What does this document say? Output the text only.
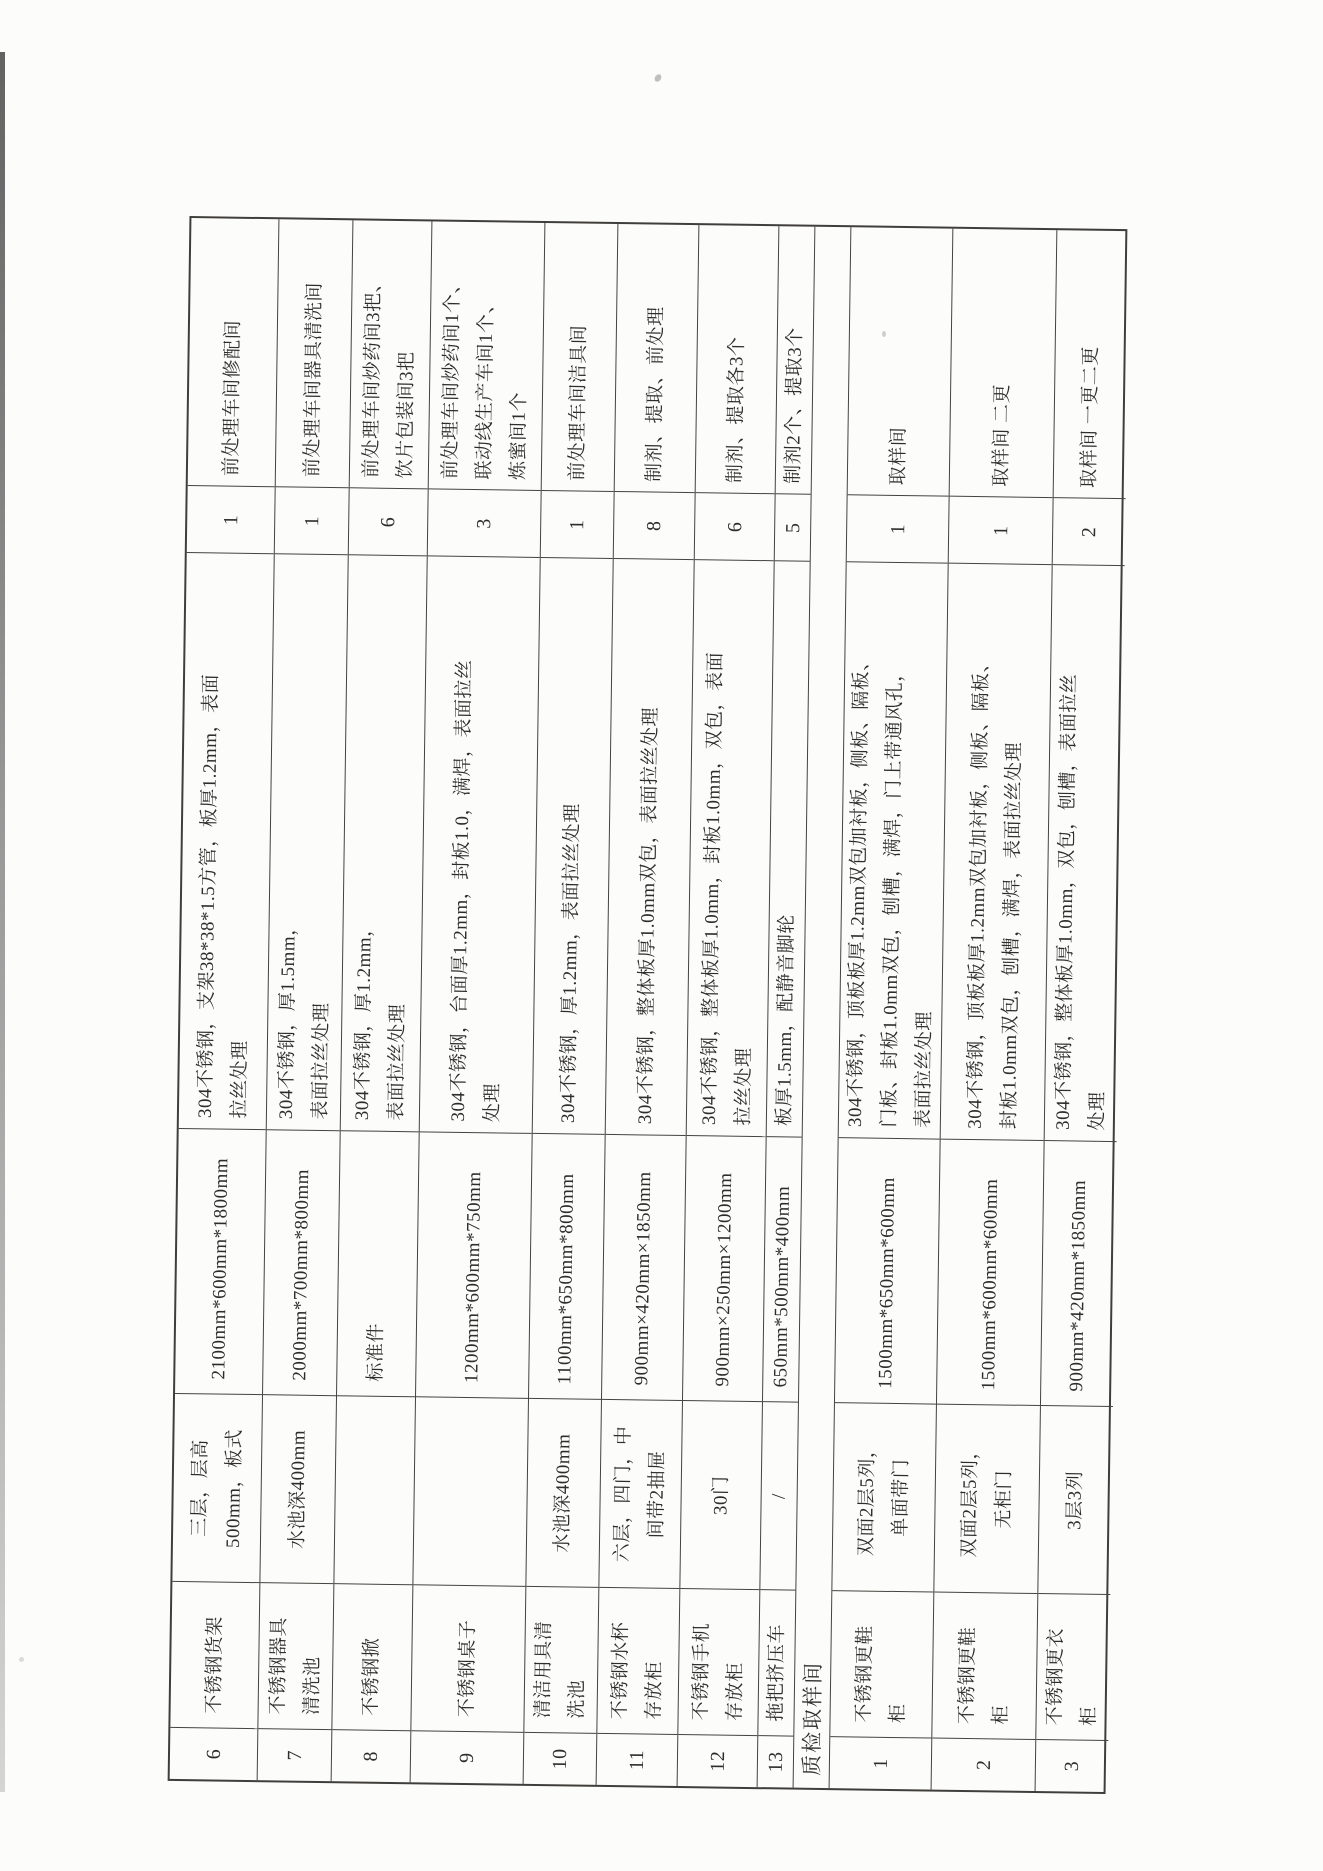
6
不锈钢货架
三层，层高 500mm，板式
2100mm*600mm*1800mm
304不锈钢，支架38*38*1.5方管，板厚1.2mm，表面 拉丝处理
1
前处理车间修配间
7
不锈钢器具 清洗池
水池深400mm
2000mm*700mm*800mm
304不锈钢，厚1.5mm， 表面拉丝处理
1
前处理车间器具清洗间
8
不锈钢掀
标准件
304不锈钢，厚1.2mm， 表面拉丝处理
6
前处理车间炒药间3把、 饮片包装间3把
9
不锈钢桌子
1200mm*600mm*750mm
304不锈钢，台面厚1.2mm，封板1.0，满焊，表面拉丝 处理
3
前处理车间炒药间1个、 联动线生产车间1个、 炼蜜间1个
10
清洁用具清 洗池
水池深400mm
1100mm*650mm*800mm
304不锈钢，厚1.2mm，表面拉丝处理
1
前处理车间洁具间
11
不锈钢水杯 存放柜
六层，四门，中 间带2抽屉
900mm×420mm×1850mm
304不锈钢，整体板厚1.0mm双包，表面拉丝处理
8
制剂、提取、前处理
12
不锈钢手机 存放柜
30门
900mm×250mm×1200mm
304不锈钢，整体板厚1.0mm，封板1.0mm，双包，表面 拉丝处理
6
制剂、提取各3个
13
拖把挤压车
/
650mm*500mm*400mm
板厚1.5mm，配静音脚轮
5
制剂2个、提取3个
质检取样间	1
不锈钢更鞋 柜
双面2层5列， 单面带门
1500mm*650mm*600mm
304不锈钢，顶板板厚1.2mm双包加衬板，侧板、隔板、 门板、封板1.0mm双包，刨槽，满焊，门上带通风孔， 表面拉丝处理
1
取样间
2
不锈钢更鞋 柜
双面2层5列， 无柜门
1500mm*600mm*600mm
304不锈钢，顶板板厚1.2mm双包加衬板，侧板、隔板、 封板1.0mm双包，刨槽，满焊，表面拉丝处理
1
取样间 二更
3
不锈钢更衣 柜
3层3列
900mm*420mm*1850mm
304不锈钢，整体板厚1.0mm，双包，刨槽，表面拉丝 处理
2
取样间 一更二更
